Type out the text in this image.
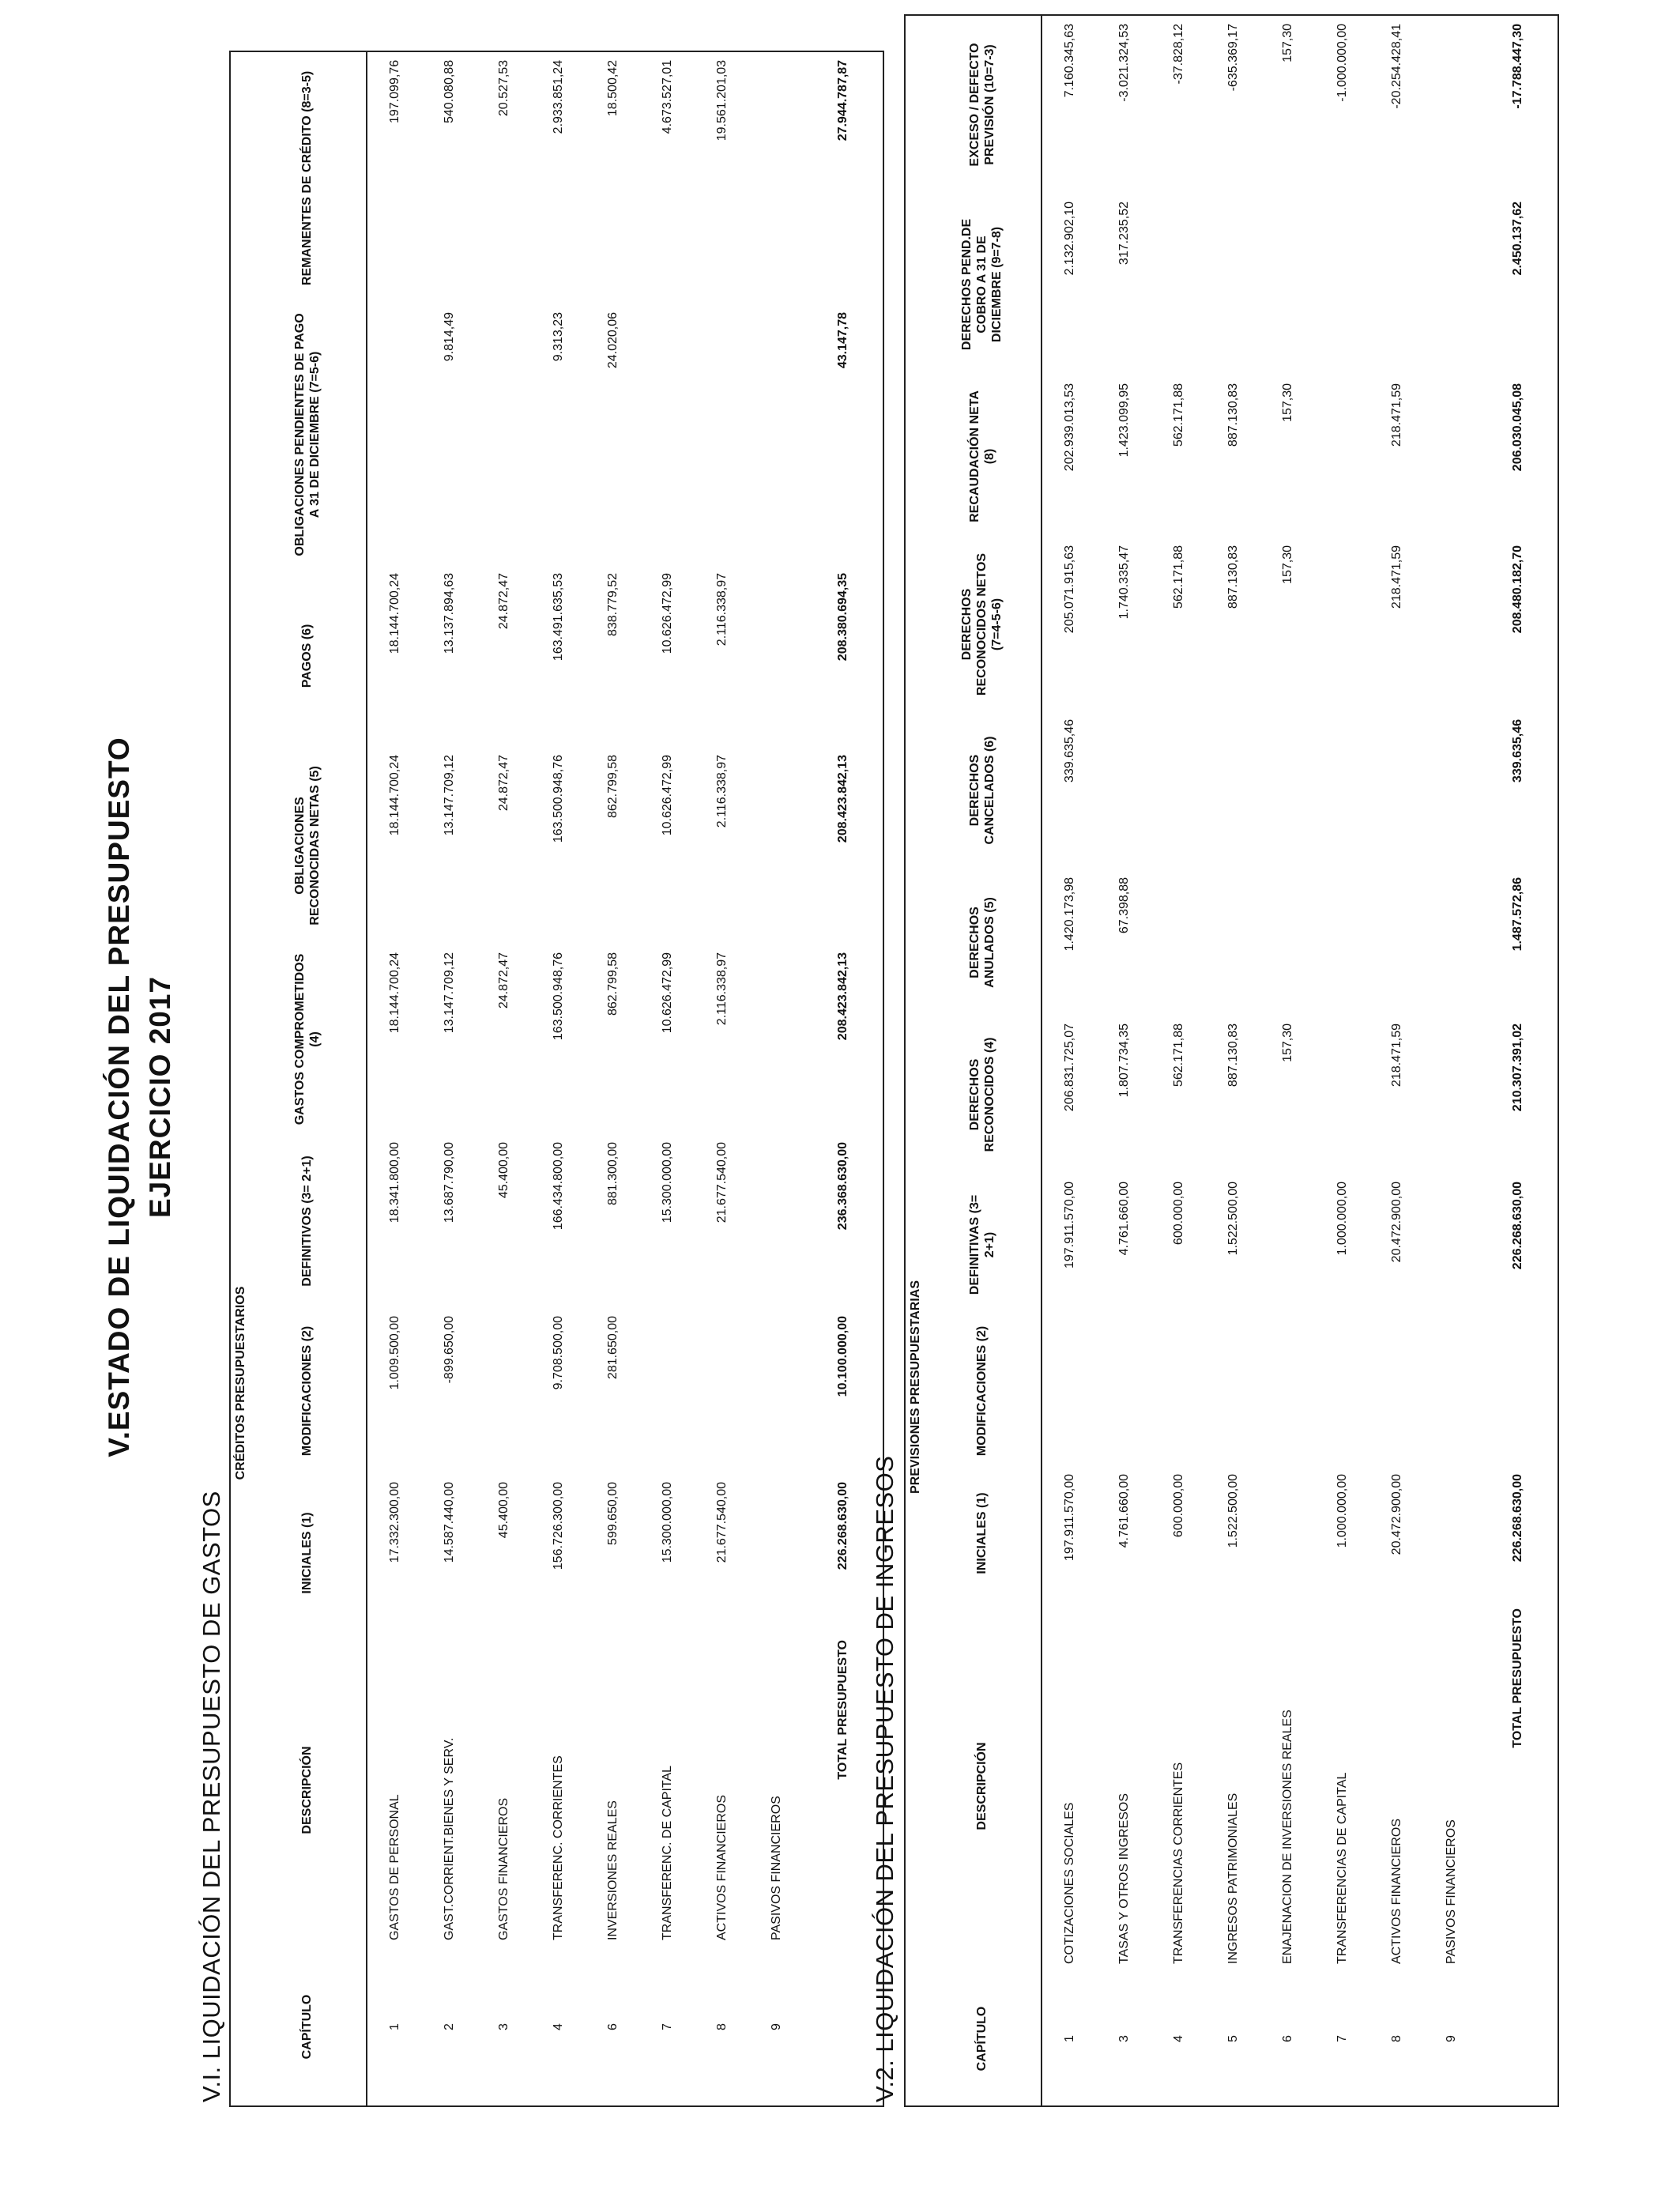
V.ESTADO DE LIQUIDACIÓN DEL PRESUPUESTO EJERCICIO 2017
V.I. LIQUIDACIÓN DEL PRESUPUESTO DE GASTOS
		CRÉDITOS PRESUPUESTARIOS							
CAPÍTULO	DESCRIPCIÓN	INICIALES (1)	MODIFICACIONES (2)	DEFINITIVOS (3= 2+1)	GASTOS COMPROMETIDOS (4)	OBLIGACIONES RECONOCIDAS NETAS (5)	PAGOS (6)	OBLIGACIONES PENDIENTES DE PAGO A 31 DE DICIEMBRE (7=5-6)	REMANENTES DE CRÉDITO (8=3-5)
1	GASTOS DE PERSONAL	17.332.300,00	1.009.500,00	18.341.800,00	18.144.700,24	18.144.700,24	18.144.700,24		197.099,76
2	GAST.CORRIENT.BIENES Y SERV.	14.587.440,00	-899.650,00	13.687.790,00	13.147.709,12	13.147.709,12	13.137.894,63	9.814,49	540.080,88
3	GASTOS FINANCIEROS	45.400,00		45.400,00	24.872,47	24.872,47	24.872,47		20.527,53
4	TRANSFERENC. CORRIENTES	156.726.300,00	9.708.500,00	166.434.800,00	163.500.948,76	163.500.948,76	163.491.635,53	9.313,23	2.933.851,24
6	INVERSIONES REALES	599.650,00	281.650,00	881.300,00	862.799,58	862.799,58	838.779,52	24.020,06	18.500,42
7	TRANSFERENC. DE CAPITAL	15.300.000,00		15.300.000,00	10.626.472,99	10.626.472,99	10.626.472,99		4.673.527,01
8	ACTIVOS FINANCIEROS	21.677.540,00		21.677.540,00	2.116.338,97	2.116.338,97	2.116.338,97		19.561.201,03
9	PASIVOS FINANCIEROS								
	TOTAL PRESUPUESTO	226.268.630,00	10.100.000,00	236.368.630,00	208.423.842,13	208.423.842,13	208.380.694,35	43.147,78	27.944.787,87
V.2. LIQUIDACIÓN DEL PRESUPUESTO DE INGRESOS
		PREVISIONES PRESUPUESTARIAS									
CAPÍTULO	DESCRIPCIÓN	INICIALES (1)	MODIFICACIONES (2)	DEFINITIVAS (3= 2+1)	DERECHOS RECONOCIDOS (4)	DERECHOS ANULADOS (5)	DERECHOS CANCELADOS (6)	DERECHOS RECONOCIDOS NETOS (7=4-5-6)	RECAUDACIÓN NETA (8)	DERECHOS PEND.DE COBRO A 31 DE DICIEMBRE (9=7-8)	EXCESO / DEFECTO PREVISIÓN (10=7-3)
1	COTIZACIONES SOCIALES	197.911.570,00		197.911.570,00	206.831.725,07	1.420.173,98	339.635,46	205.071.915,63	202.939.013,53	2.132.902,10	7.160.345,63
3	TASAS Y OTROS INGRESOS	4.761.660,00		4.761.660,00	1.807.734,35	67.398,88		1.740.335,47	1.423.099,95	317.235,52	-3.021.324,53
4	TRANSFERENCIAS CORRIENTES	600.000,00		600.000,00	562.171,88			562.171,88	562.171,88		-37.828,12
5	INGRESOS PATRIMONIALES	1.522.500,00		1.522.500,00	887.130,83			887.130,83	887.130,83		-635.369,17
6	ENAJENACION DE INVERSIONES REALES				157,30			157,30	157,30		157,30
7	TRANSFERENCIAS DE CAPITAL	1.000.000,00		1.000.000,00							-1.000.000,00
8	ACTIVOS FINANCIEROS	20.472.900,00		20.472.900,00	218.471,59			218.471,59	218.471,59		-20.254.428,41
9	PASIVOS FINANCIEROS										
	TOTAL PRESUPUESTO	226.268.630,00		226.268.630,00	210.307.391,02	1.487.572,86	339.635,46	208.480.182,70	206.030.045,08	2.450.137,62	-17.788.447,30
